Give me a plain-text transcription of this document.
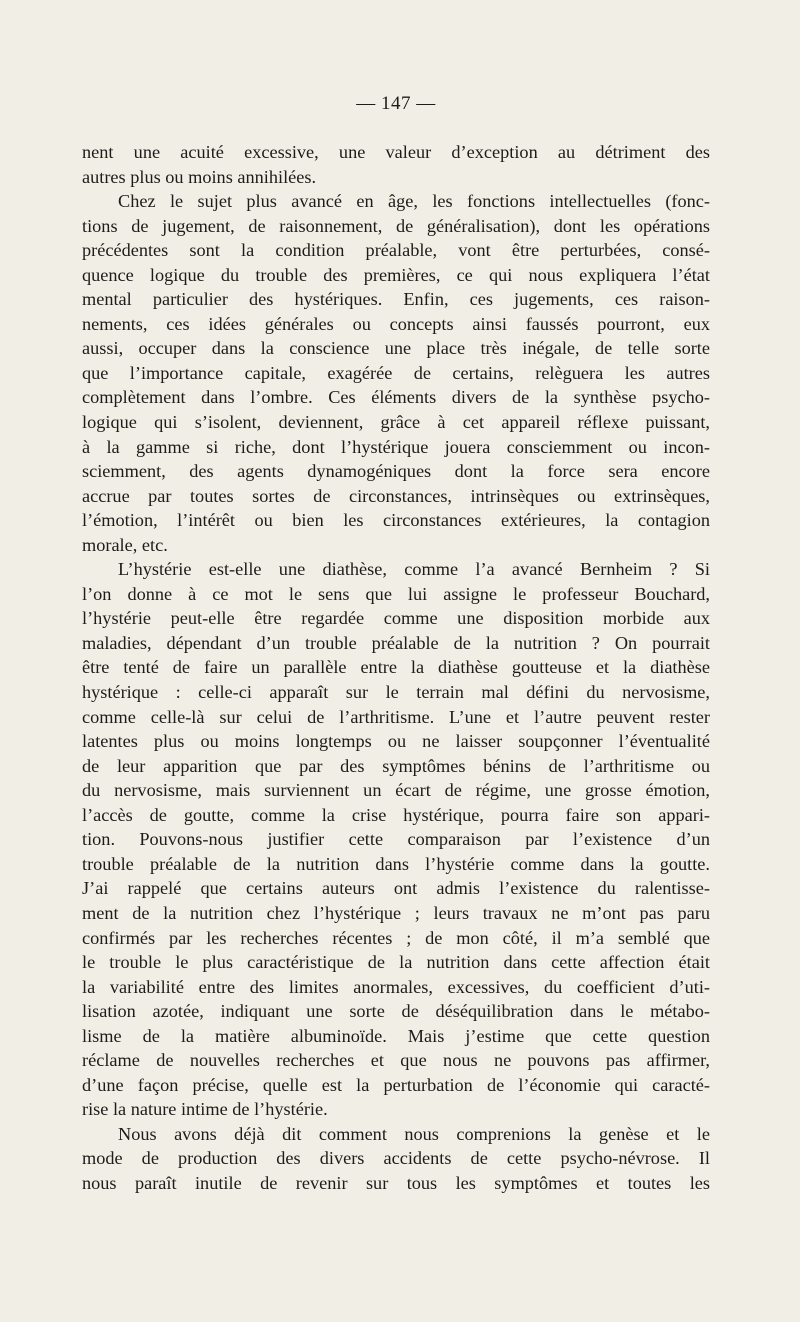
— 147 —
nent une acuité excessive, une valeur d’exception au détriment des
autres plus ou moins annihilées.
Chez le sujet plus avancé en âge, les fonctions intellectuelles (fonc-
tions de jugement, de raisonnement, de généralisation), dont les opérations
précédentes sont la condition préalable, vont être perturbées, consé-
quence logique du trouble des premières, ce qui nous expliquera l’état
mental particulier des hystériques. Enfin, ces jugements, ces raison-
nements, ces idées générales ou concepts ainsi faussés pourront, eux
aussi, occuper dans la conscience une place très inégale, de telle sorte
que l’importance capitale, exagérée de certains, relèguera les autres
complètement dans l’ombre. Ces éléments divers de la synthèse psycho-
logique qui s’isolent, deviennent, grâce à cet appareil réflexe puissant,
à la gamme si riche, dont l’hystérique jouera consciemment ou incon-
sciemment, des agents dynamogéniques dont la force sera encore
accrue par toutes sortes de circonstances, intrinsèques ou extrinsèques,
l’émotion, l’intérêt ou bien les circonstances extérieures, la contagion
morale, etc.
L’hystérie est-elle une diathèse, comme l’a avancé Bernheim ? Si
l’on donne à ce mot le sens que lui assigne le professeur Bouchard,
l’hystérie peut-elle être regardée comme une disposition morbide aux
maladies, dépendant d’un trouble préalable de la nutrition ? On pourrait
être tenté de faire un parallèle entre la diathèse goutteuse et la diathèse
hystérique : celle-ci apparaît sur le terrain mal défini du nervosisme,
comme celle-là sur celui de l’arthritisme. L’une et l’autre peuvent rester
latentes plus ou moins longtemps ou ne laisser soupçonner l’éventualité
de leur apparition que par des symptômes bénins de l’arthritisme ou
du nervosisme, mais surviennent un écart de régime, une grosse émotion,
l’accès de goutte, comme la crise hystérique, pourra faire son appari-
tion. Pouvons-nous justifier cette comparaison par l’existence d’un
trouble préalable de la nutrition dans l’hystérie comme dans la goutte.
J’ai rappelé que certains auteurs ont admis l’existence du ralentisse-
ment de la nutrition chez l’hystérique ; leurs travaux ne m’ont pas paru
confirmés par les recherches récentes ; de mon côté, il m’a semblé que
le trouble le plus caractéristique de la nutrition dans cette affection était
la variabilité entre des limites anormales, excessives, du coefficient d’uti-
lisation azotée, indiquant une sorte de déséquilibration dans le métabo-
lisme de la matière albuminoïde. Mais j’estime que cette question
réclame de nouvelles recherches et que nous ne pouvons pas affirmer,
d’une façon précise, quelle est la perturbation de l’économie qui caracté-
rise la nature intime de l’hystérie.
Nous avons déjà dit comment nous comprenions la genèse et le
mode de production des divers accidents de cette psycho-névrose. Il
nous paraît inutile de revenir sur tous les symptômes et toutes les
